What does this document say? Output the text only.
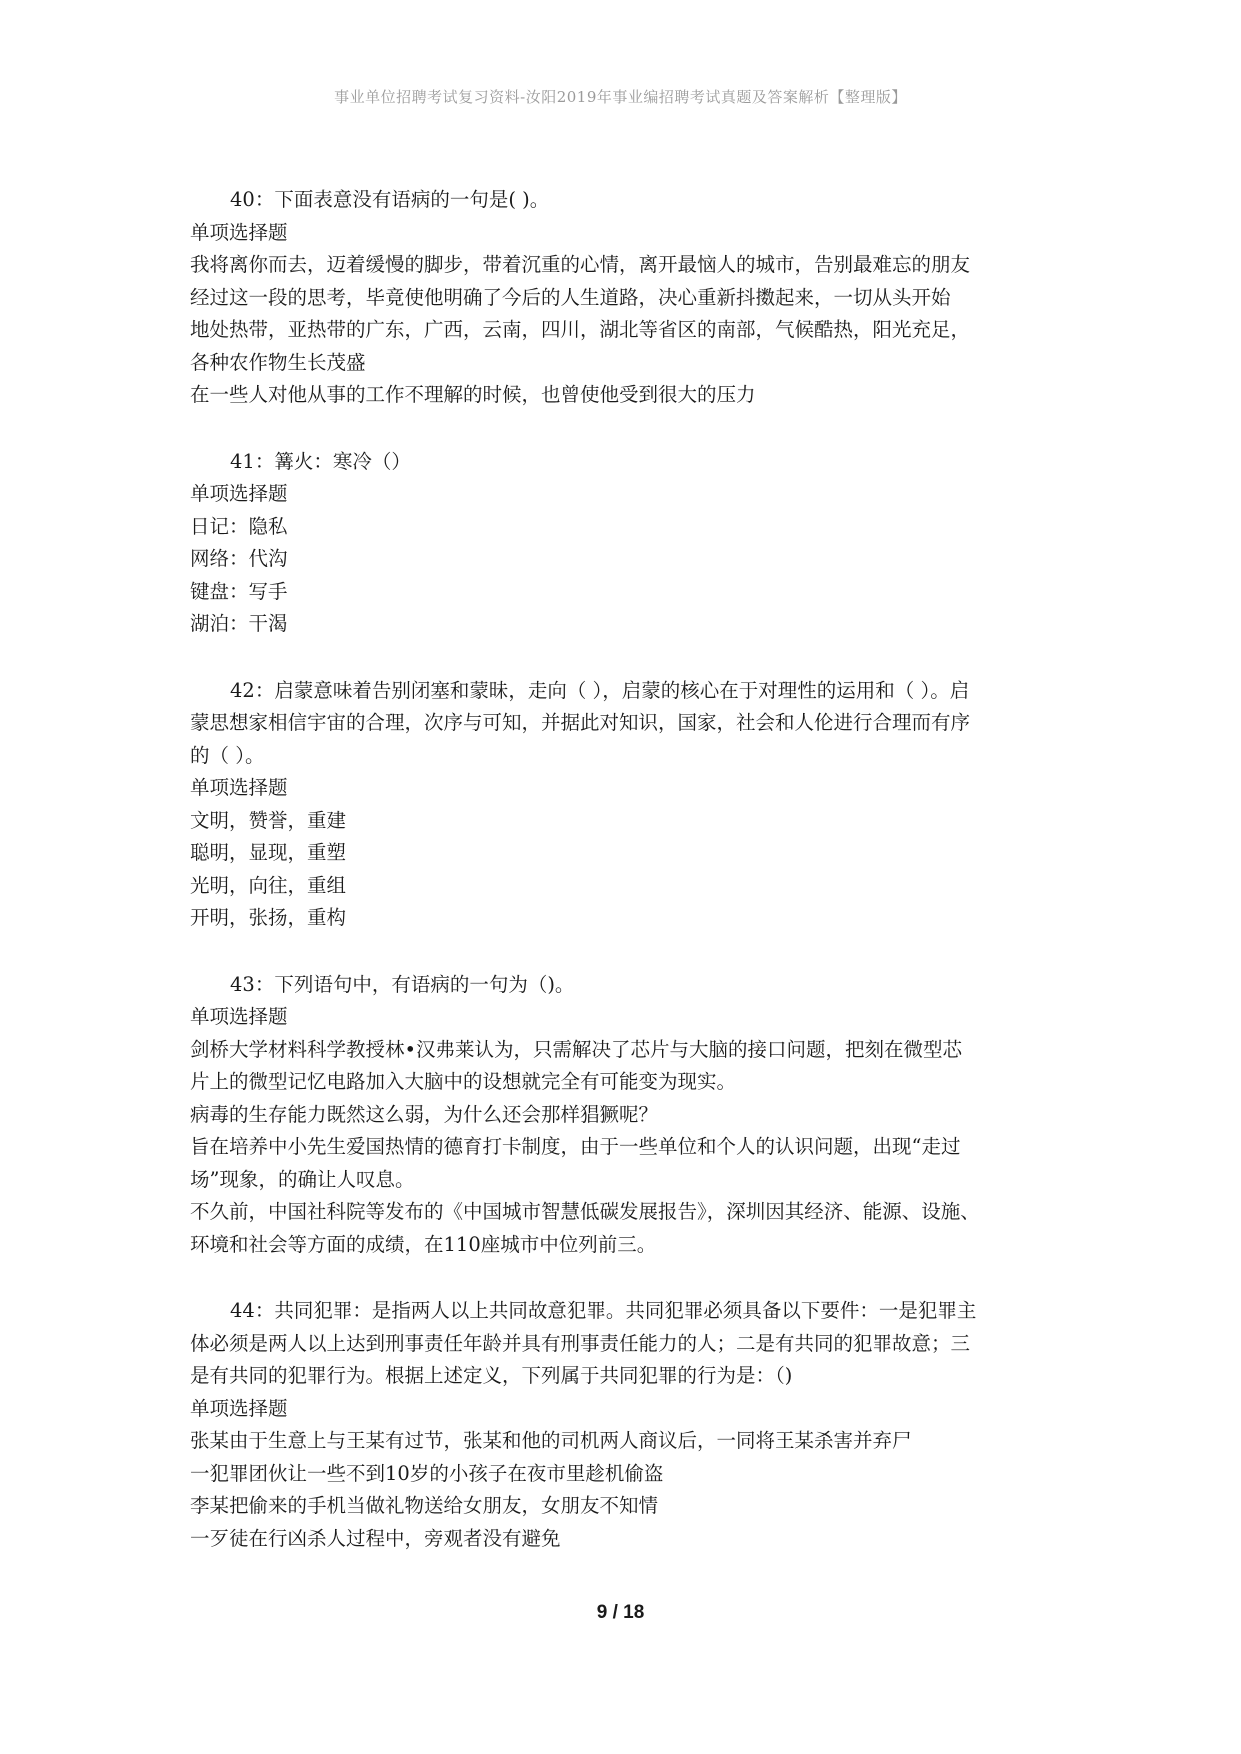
事业单位招聘考试复习资料-汝阳2019年事业编招聘考试真题及答案解析【整理版】
40：下面表意没有语病的一句是( )。
单项选择题
我将离你而去，迈着缓慢的脚步，带着沉重的心情，离开最恼人的城市，告别最难忘的朋友
经过这一段的思考，毕竟使他明确了今后的人生道路，决心重新抖擞起来，一切从头开始
地处热带，亚热带的广东，广西，云南，四川，湖北等省区的南部，气候酷热，阳光充足，
各种农作物生长茂盛
在一些人对他从事的工作不理解的时候，也曾使他受到很大的压力
41：篝火：寒冷（）
单项选择题
日记：隐私
网络：代沟
键盘：写手
湖泊：干渴
42：启蒙意味着告别闭塞和蒙昧，走向（ ），启蒙的核心在于对理性的运用和（ ）。启
蒙思想家相信宇宙的合理，次序与可知，并据此对知识，国家，社会和人伦进行合理而有序
的（ ）。
单项选择题
文明，赞誉，重建
聪明，显现，重塑
光明，向往，重组
开明，张扬，重构
43：下列语句中，有语病的一句为（)。
单项选择题
剑桥大学材料科学教授林•汉弗莱认为，只需解决了芯片与大脑的接口问题，把刻在微型芯
片上的微型记忆电路加入大脑中的设想就完全有可能变为现实。
病毒的生存能力既然这么弱，为什么还会那样猖獗呢？
旨在培养中小先生爱国热情的德育打卡制度，由于一些单位和个人的认识问题，出现“走过
场”现象，的确让人叹息。
不久前，中国社科院等发布的《中国城市智慧低碳发展报告》，深圳因其经济、能源、设施、
环境和社会等方面的成绩，在110座城市中位列前三。
44：共同犯罪：是指两人以上共同故意犯罪。共同犯罪必须具备以下要件：一是犯罪主
体必须是两人以上达到刑事责任年龄并具有刑事责任能力的人；二是有共同的犯罪故意；三
是有共同的犯罪行为。根据上述定义，下列属于共同犯罪的行为是：（)
单项选择题
张某由于生意上与王某有过节，张某和他的司机两人商议后，一同将王某杀害并弃尸
一犯罪团伙让一些不到10岁的小孩子在夜市里趁机偷盗
李某把偷来的手机当做礼物送给女朋友，女朋友不知情
一歹徒在行凶杀人过程中，旁观者没有避免
9 / 18
